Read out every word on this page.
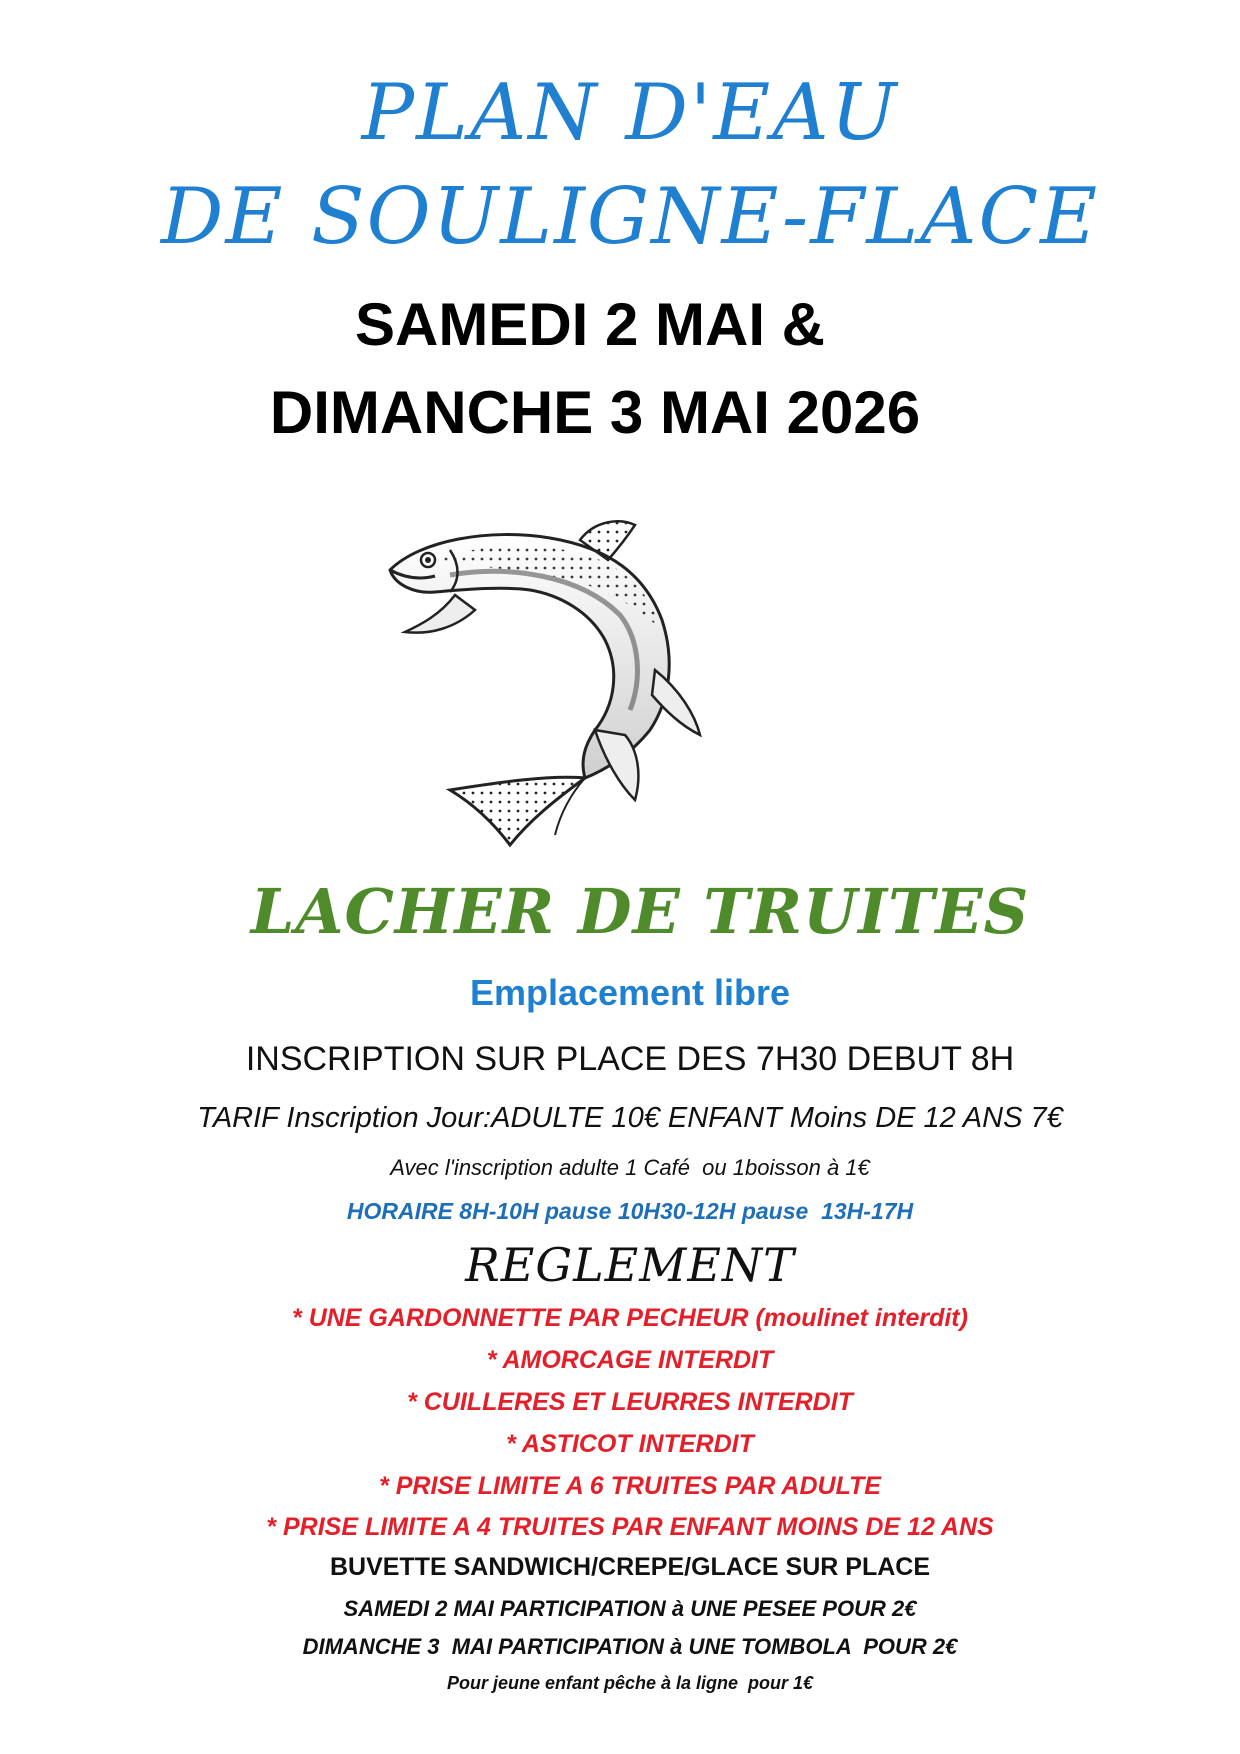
PLAN D'EAU
DE SOULIGNE-FLACE
SAMEDI 2 MAI &
DIMANCHE 3 MAI 2026
LACHER DE TRUITES
Emplacement libre
INSCRIPTION SUR PLACE DES 7H30 DEBUT 8H
TARIF Inscription Jour:ADULTE 10€ ENFANT Moins DE 12 ANS 7€
Avec l'inscription adulte 1 Café  ou 1boisson à 1€
HORAIRE 8H-10H pause 10H30-12H pause  13H-17H
REGLEMENT
* UNE GARDONNETTE PAR PECHEUR (moulinet interdit)
* AMORCAGE INTERDIT
* CUILLERES ET LEURRES INTERDIT
* ASTICOT INTERDIT
* PRISE LIMITE A 6 TRUITES PAR ADULTE
* PRISE LIMITE A 4 TRUITES PAR ENFANT MOINS DE 12 ANS
BUVETTE SANDWICH/CREPE/GLACE SUR PLACE
SAMEDI 2 MAI PARTICIPATION à UNE PESEE POUR 2€
DIMANCHE 3  MAI PARTICIPATION à UNE TOMBOLA  POUR 2€
Pour jeune enfant pêche à la ligne  pour 1€
